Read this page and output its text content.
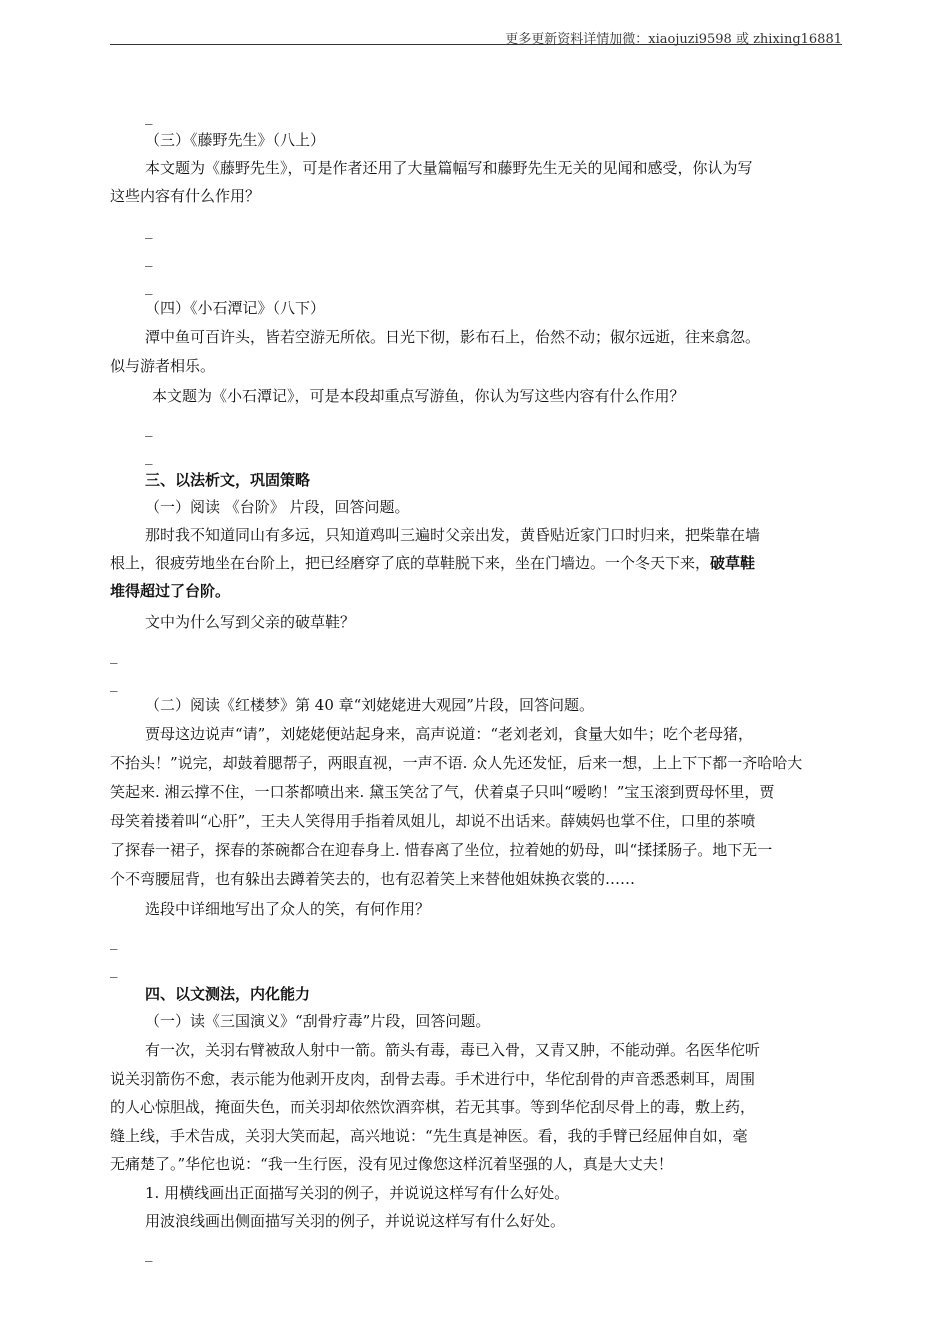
更多更新资料详情加微：xiaojuzi9598 或 zhixing16881
_
（三）《藤野先生》（八上）
本文题为《藤野先生》，可是作者还用了大量篇幅写和藤野先生无关的见闻和感受，你认为写
这些内容有什么作用？
_
_
_
（四）《小石潭记》（八下）
潭中鱼可百许头，皆若空游无所依。日光下彻，影布石上，佁然不动；俶尔远逝，往来翕忽。
似与游者相乐。
本文题为《小石潭记》，可是本段却重点写游鱼，你认为写这些内容有什么作用？
_
_
三、以法析文，巩固策略
（一）阅读 《台阶》 片段，回答问题。
那时我不知道同山有多远，只知道鸡叫三遍时父亲出发，黄昏贴近家门口时归来，把柴靠在墙
根上，很疲劳地坐在台阶上，把已经磨穿了底的草鞋脱下来，坐在门墙边。一个冬天下来，破草鞋
堆得超过了台阶。
文中为什么写到父亲的破草鞋？
_
_
（二）阅读《红楼梦》第 40 章“刘姥姥进大观园”片段，回答问题。
贾母这边说声“请”，刘姥姥便站起身来，高声说道：“老刘老刘，食量大如牛；吃个老母猪，
不抬头！”说完，却鼓着腮帮子，两眼直视，一声不语. 众人先还发怔，后来一想，上上下下都一齐哈哈大
笑起来. 湘云撑不住，一口茶都喷出来. 黛玉笑岔了气，伏着桌子只叫“嗳哟！”宝玉滚到贾母怀里，贾
母笑着搂着叫“心肝”，王夫人笑得用手指着凤姐儿，却说不出话来。薛姨妈也掌不住，口里的茶喷
了探春一裙子，探春的茶碗都合在迎春身上. 惜春离了坐位，拉着她的奶母，叫“揉揉肠子。地下无一
个不弯腰屈背，也有躲出去蹲着笑去的，也有忍着笑上来替他姐妹换衣裳的……
选段中详细地写出了众人的笑，有何作用？
_
_
四、以文测法，内化能力
（一）读《三国演义》“刮骨疗毒”片段，回答问题。
有一次，关羽右臂被敌人射中一箭。箭头有毒，毒已入骨，又青又肿，不能动弹。名医华佗听
说关羽箭伤不愈，表示能为他剥开皮肉，刮骨去毒。手术进行中，华佗刮骨的声音悉悉刺耳，周围
的人心惊胆战，掩面失色，而关羽却依然饮酒弈棋，若无其事。等到华佗刮尽骨上的毒，敷上药，
缝上线，手术告成，关羽大笑而起，高兴地说：“先生真是神医。看，我的手臂已经屈伸自如，毫
无痛楚了。”华佗也说：“我一生行医，没有见过像您这样沉着坚强的人，真是大丈夫！
1. 用横线画出正面描写关羽的例子，并说说这样写有什么好处。
用波浪线画出侧面描写关羽的例子，并说说这样写有什么好处。
_
